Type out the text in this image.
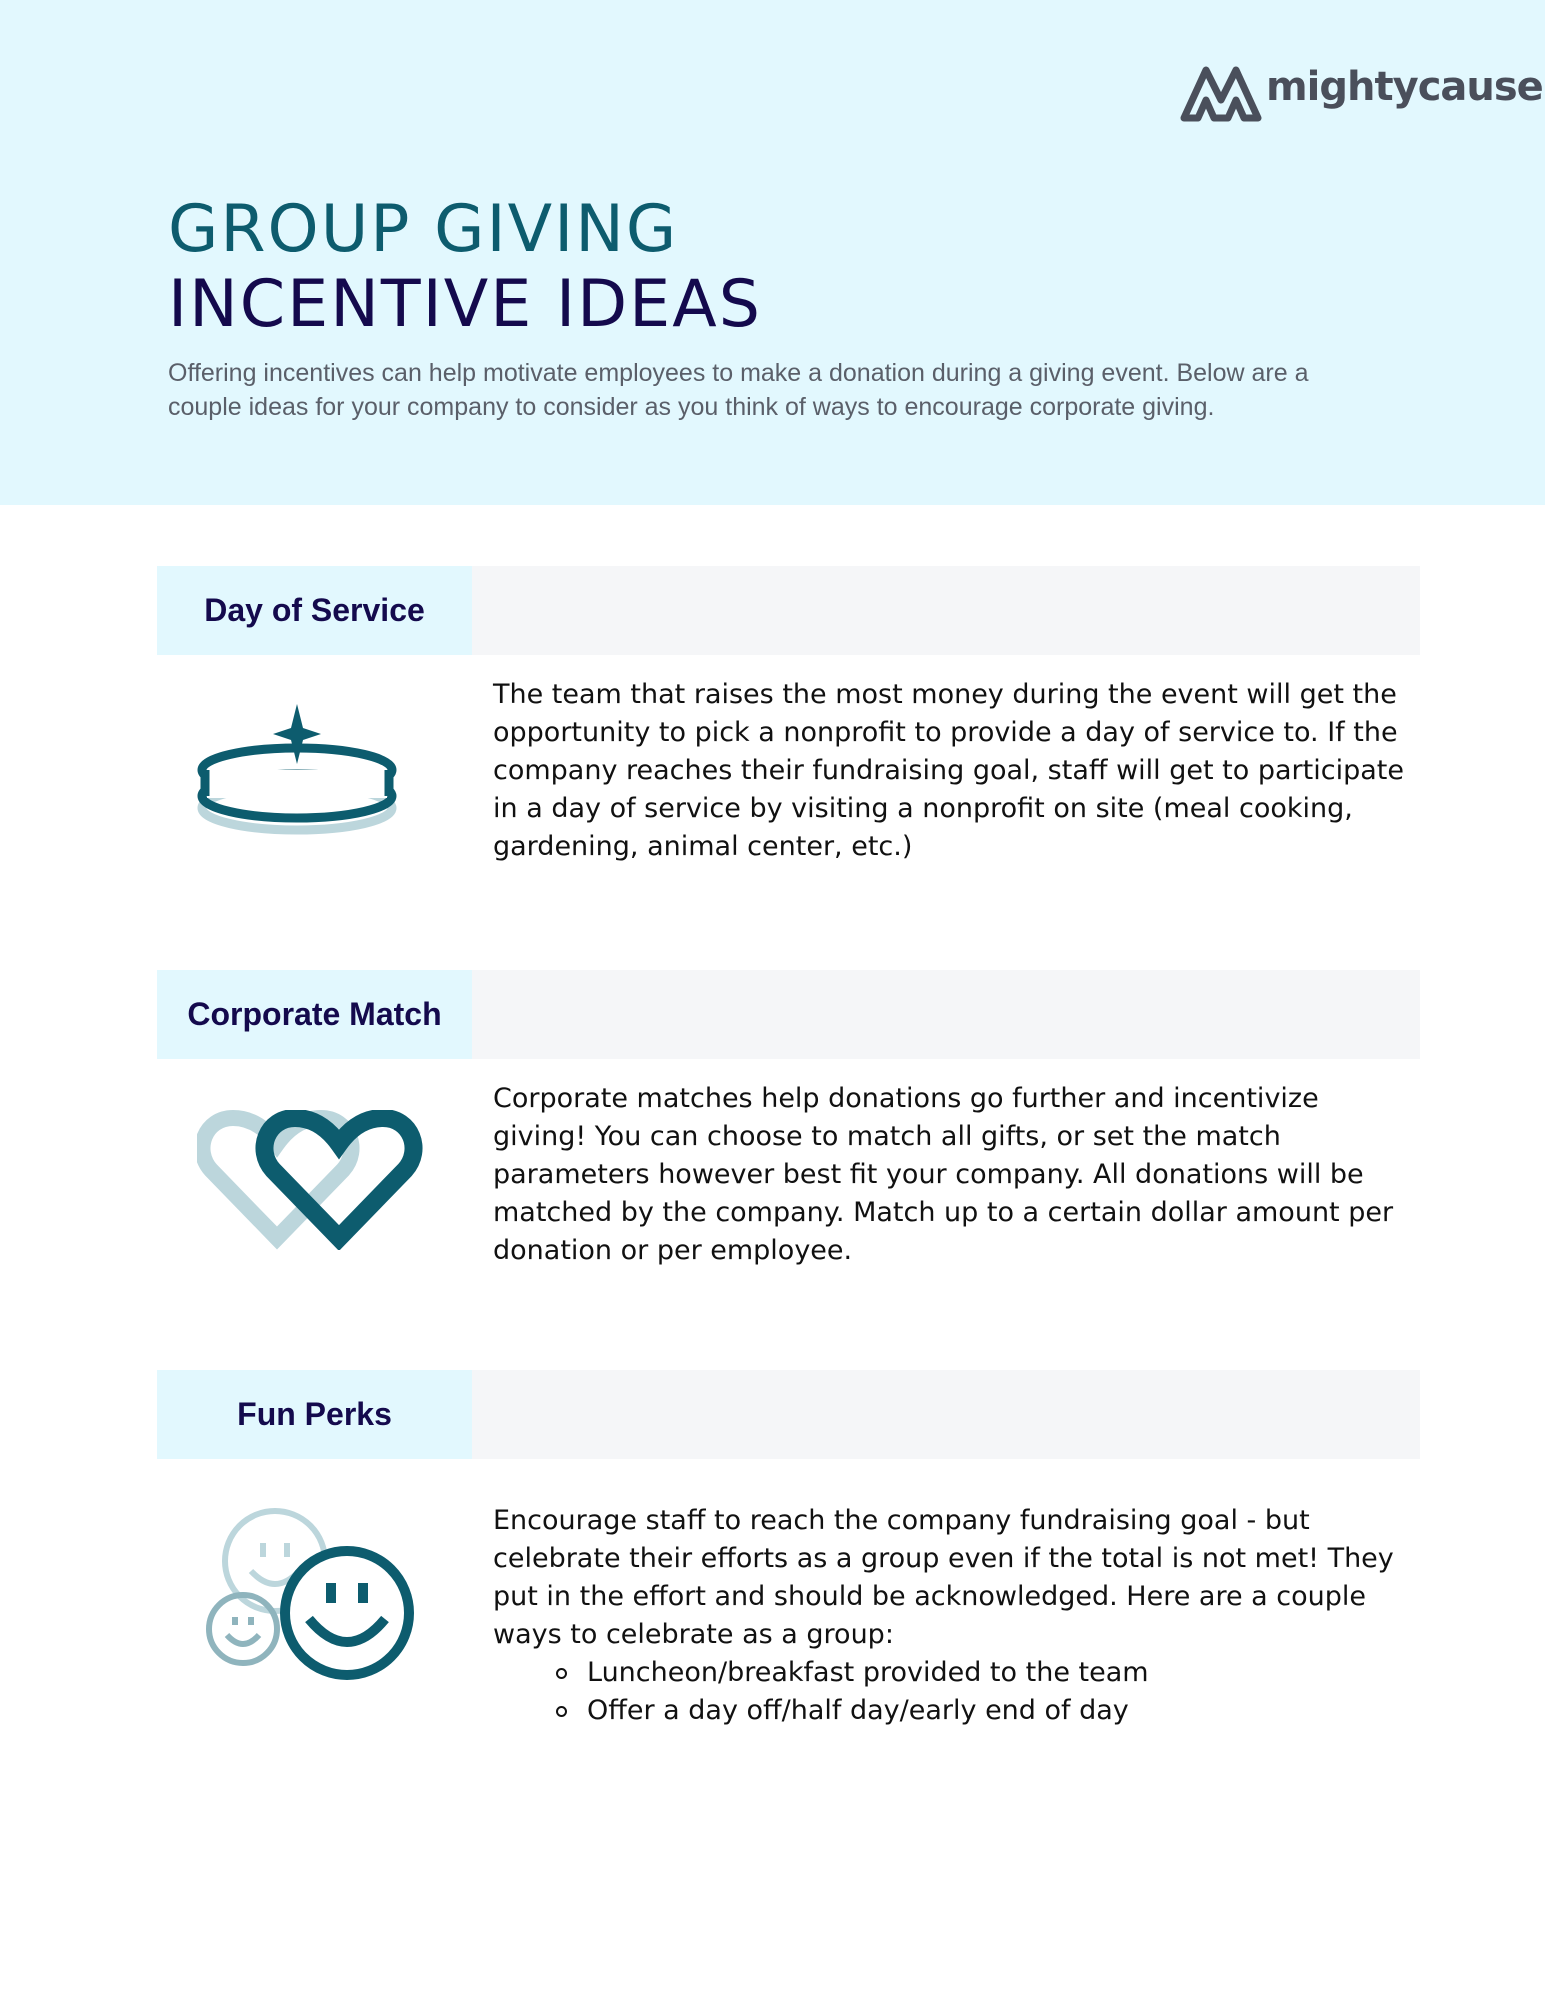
mightycause
GROUP GIVING
INCENTIVE IDEAS
Offering incentives can help motivate employees to make a donation during a giving event. Below are a couple ideas for your company to consider as you think of ways to encourage corporate giving.
Day of Service

The team that raises the most money during the event will get the opportunity to pick a nonprofit to provide a day of service to. If the company reaches their fundraising goal, staff will get to participate in a day of service by visiting a nonprofit on site (meal cooking, gardening, animal center, etc.)

Corporate Match

Corporate matches help donations go further and incentivize giving! You can choose to match all gifts, or set the match parameters however best fit your company. All donations will be matched by the company. Match up to a certain dollar amount per donation or per employee.

Fun Perks

Encourage staff to reach the company fundraising goal - but celebrate their efforts as a group even if the total is not met! They put in the effort and should be acknowledged. Here are a couple ways to celebrate as a group:

Luncheon/breakfast provided to the team
Offer a day off/half day/early end of day
